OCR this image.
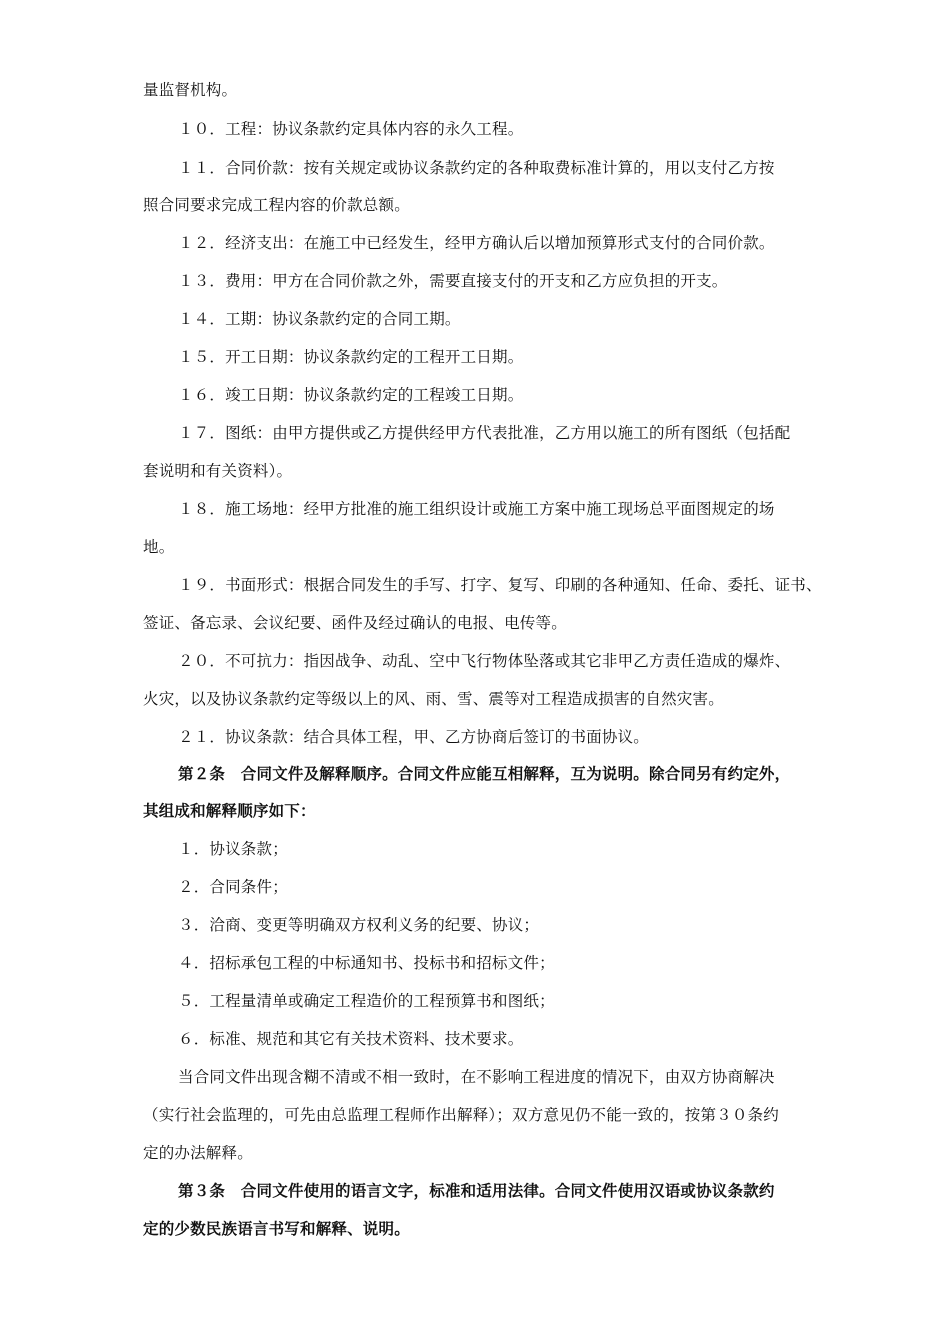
量监督机构。
１０．工程：协议条款约定具体内容的永久工程。
１１．合同价款：按有关规定或协议条款约定的各种取费标准计算的，用以支付乙方按
照合同要求完成工程内容的价款总额。
１２．经济支出：在施工中已经发生，经甲方确认后以增加预算形式支付的合同价款。
１３．费用：甲方在合同价款之外，需要直接支付的开支和乙方应负担的开支。
１４．工期：协议条款约定的合同工期。
１５．开工日期：协议条款约定的工程开工日期。
１６．竣工日期：协议条款约定的工程竣工日期。
１７．图纸：由甲方提供或乙方提供经甲方代表批准，乙方用以施工的所有图纸（包括配
套说明和有关资料）。
１８．施工场地：经甲方批准的施工组织设计或施工方案中施工现场总平面图规定的场
地。
１９．书面形式：根据合同发生的手写、打字、复写、印刷的各种通知、任命、委托、证书、
签证、备忘录、会议纪要、函件及经过确认的电报、电传等。
２０．不可抗力：指因战争、动乱、空中飞行物体坠落或其它非甲乙方责任造成的爆炸、
火灾，以及协议条款约定等级以上的风、雨、雪、震等对工程造成损害的自然灾害。
２１．协议条款：结合具体工程，甲、乙方协商后签订的书面协议。
第２条　合同文件及解释顺序。合同文件应能互相解释，互为说明。除合同另有约定外，
其组成和解释顺序如下：
１．协议条款；
２．合同条件；
３．洽商、变更等明确双方权利义务的纪要、协议；
４．招标承包工程的中标通知书、投标书和招标文件；
５．工程量清单或确定工程造价的工程预算书和图纸；
６．标准、规范和其它有关技术资料、技术要求。
当合同文件出现含糊不清或不相一致时，在不影响工程进度的情况下，由双方协商解决
（实行社会监理的，可先由总监理工程师作出解释）；双方意见仍不能一致的，按第３０条约
定的办法解释。
第３条　合同文件使用的语言文字，标准和适用法律。合同文件使用汉语或协议条款约
定的少数民族语言书写和解释、说明。
